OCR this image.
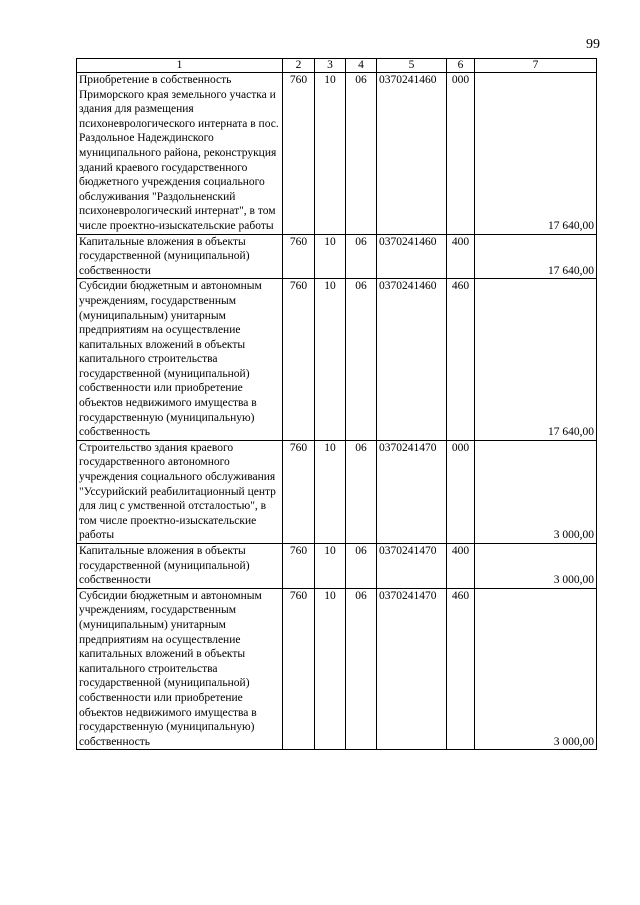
99
1	2	3	4	5	6	7
Приобретение в собственность Приморского края земельного участка и здания для размещения психоневрологического интерната в пос. Раздольное Надеждинского муниципального района, реконструкция зданий краевого государственного бюджетного учреждения социального обслуживания "Раздольненский психоневрологический интернат", в том числе проектно-изыскательские работы	760	10	06	0370241460	000	17 640,00
Капитальные вложения в объекты государственной (муниципальной) собственности	760	10	06	0370241460	400	17 640,00
Субсидии бюджетным и автономным учреждениям, государственным (муниципальным) унитарным предприятиям на осуществление капитальных вложений в объекты капитального строительства государственной (муниципальной) собственности или приобретение объектов недвижимого имущества в государственную (муниципальную) собственность	760	10	06	0370241460	460	17 640,00
Строительство здания краевого государственного автономного учреждения социального обслуживания "Уссурийский реабилитационный центр для лиц с умственной отсталостью", в том числе проектно-изыскательские работы	760	10	06	0370241470	000	3 000,00
Капитальные вложения в объекты государственной (муниципальной) собственности	760	10	06	0370241470	400	3 000,00
Субсидии бюджетным и автономным учреждениям, государственным (муниципальным) унитарным предприятиям на осуществление капитальных вложений в объекты капитального строительства государственной (муниципальной) собственности или приобретение объектов недвижимого имущества в государственную (муниципальную) собственность	760	10	06	0370241470	460	3 000,00
